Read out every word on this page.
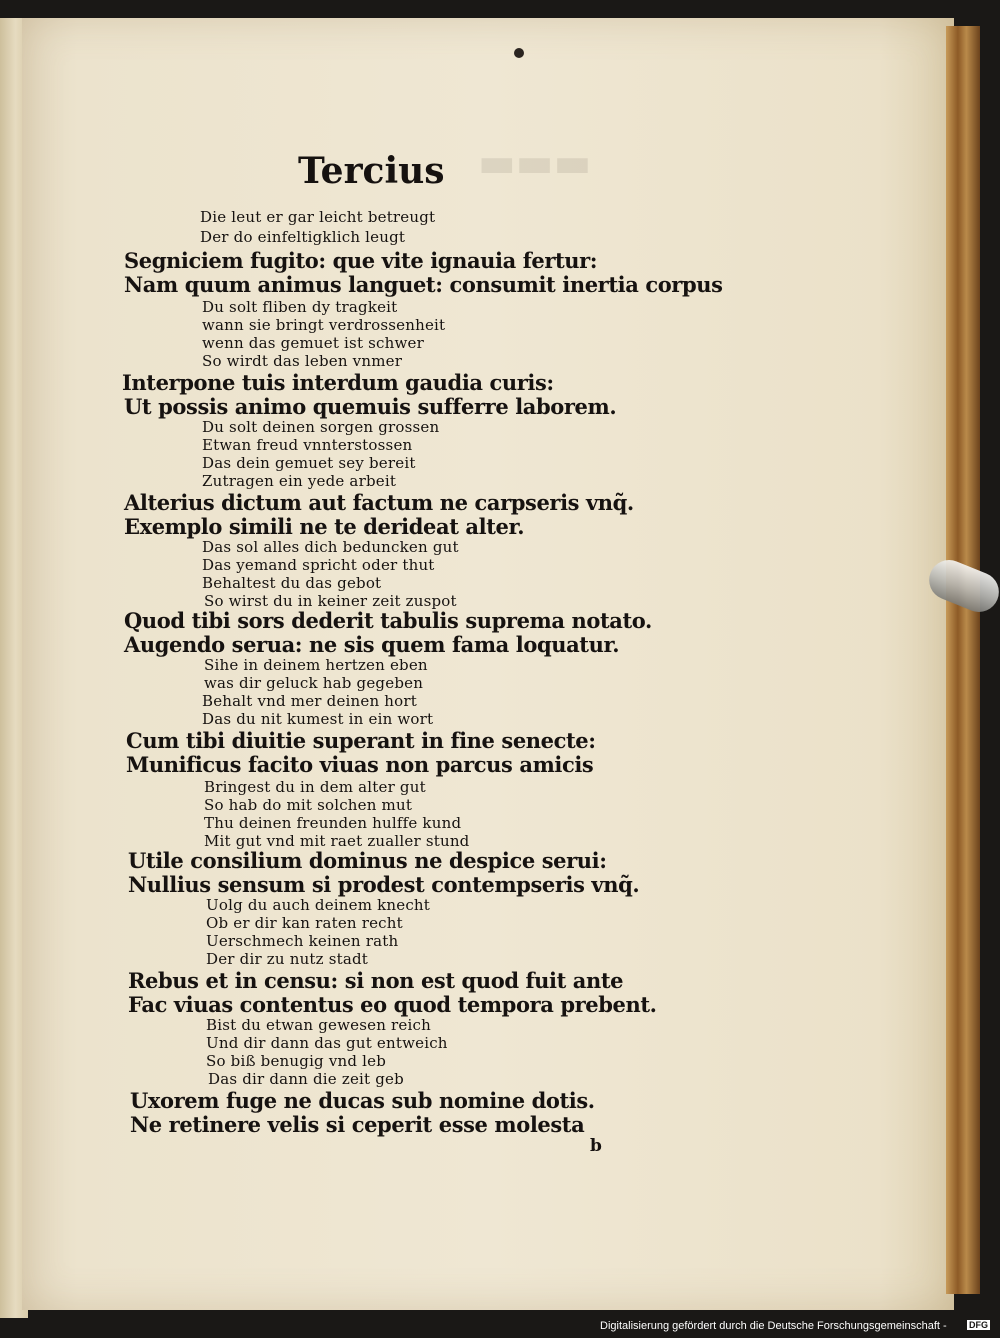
▬▬▬
Tercius
Die leut er gar leicht betreugt
Der do einfeltigklich leugt
Segniciem fugito: que vite ignauia fertur:
Nam quum animus languet: consumit inertia corpus
Du solt fliben dy tragkeit
wann sie bringt verdrossenheit
wenn das gemuet ist schwer
So wirdt das leben vnmer
Interpone tuis interdum gaudia curis:
Ut possis animo quemuis sufferre laborem.
Du solt deinen sorgen grossen
Etwan freud vnnterstossen
Das dein gemuet sey bereit
Zutragen ein yede arbeit
Alterius dictum aut factum ne carpseris vnq̃.
Exemplo simili ne te derideat alter.
Das sol alles dich beduncken gut
Das yemand spricht oder thut
Behaltest du das gebot
So wirst du in keiner zeit zuspot
Quod tibi sors dederit tabulis suprema notato.
Augendo serua: ne sis quem fama loquatur.
Sihe in deinem hertzen eben
was dir geluck hab gegeben
Behalt vnd mer deinen hort
Das du nit kumest in ein wort
Cum tibi diuitie superant in fine senecte:
Munificus facito viuas non parcus amicis
Bringest du in dem alter gut
So hab do mit solchen mut
Thu deinen freunden hulffe kund
Mit gut vnd mit raet zualler stund
Utile consilium dominus ne despice serui:
Nullius sensum si prodest contempseris vnq̃.
Uolg du auch deinem knecht
Ob er dir kan raten recht
Uerschmech keinen rath
Der dir zu nutz stadt
Rebus et in censu: si non est quod fuit ante
Fac viuas contentus eo quod tempora prebent.
Bist du etwan gewesen reich
Und dir dann das gut entweich
So biß benugig vnd leb
Das dir dann die zeit geb
Uxorem fuge ne ducas sub nomine dotis.
Ne retinere velis si ceperit esse molesta
b
Digitalisierung gefördert durch die Deutsche Forschungsgemeinschaft - DFG
